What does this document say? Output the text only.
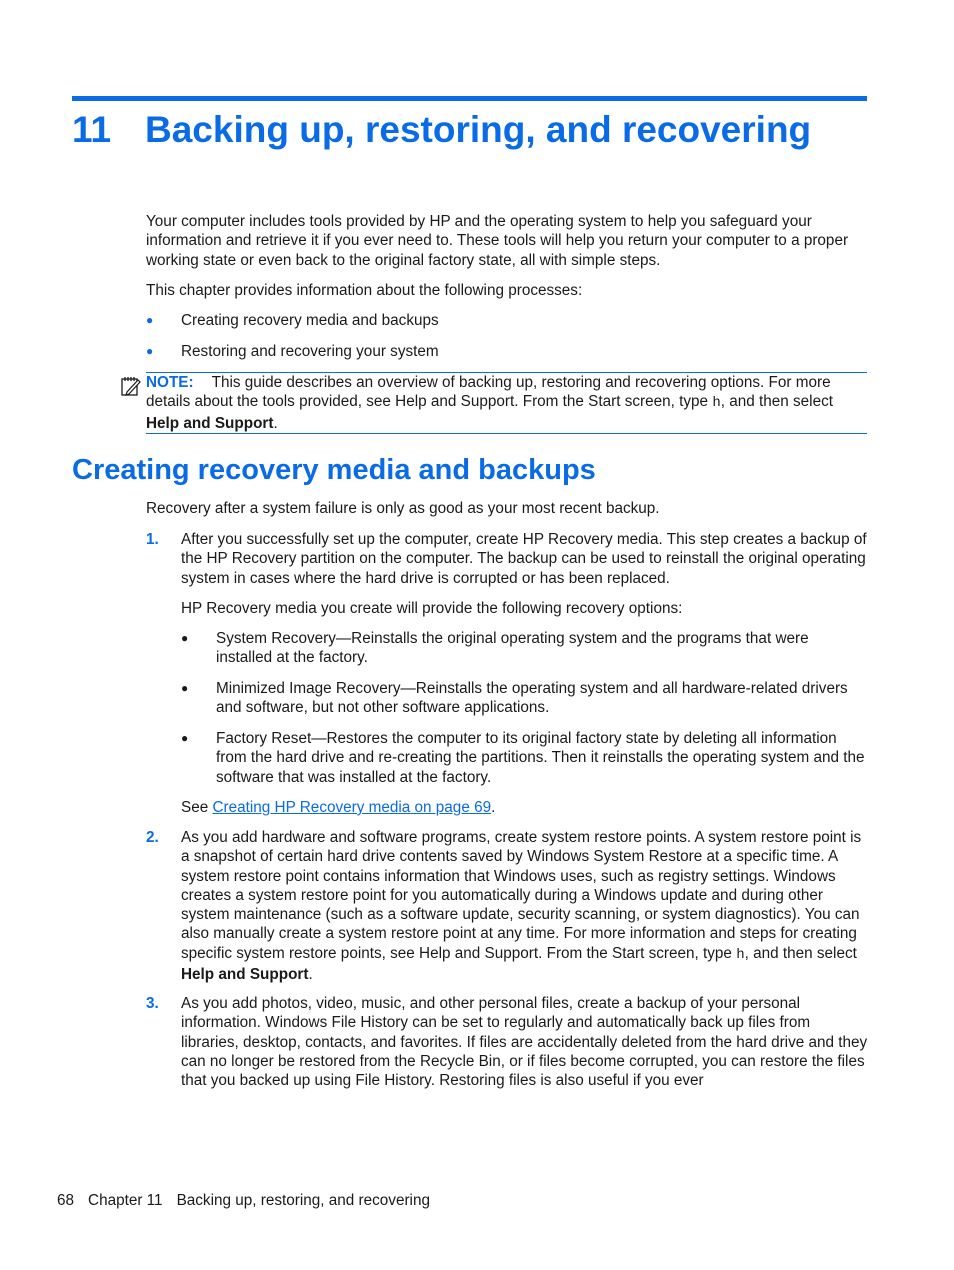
11 Backing up, restoring, and recovering

Your computer includes tools provided by HP and the operating system to help you safeguard your information and retrieve it if you ever need to. These tools will help you return your computer to a proper working state or even back to the original factory state, all with simple steps.

This chapter provides information about the following processes:

● Creating recovery media and backups
● Restoring and recovering your system

NOTE: This guide describes an overview of backing up, restoring and recovering options. For more details about the tools provided, see Help and Support. From the Start screen, type h, and then select Help and Support.

Creating recovery media and backups

Recovery after a system failure is only as good as your most recent backup.

1. After you successfully set up the computer, create HP Recovery media. This step creates a backup of the HP Recovery partition on the computer. The backup can be used to reinstall the original operating system in cases where the hard drive is corrupted or has been replaced.

HP Recovery media you create will provide the following recovery options:

● System Recovery—Reinstalls the original operating system and the programs that were installed at the factory.

● Minimized Image Recovery—Reinstalls the operating system and all hardware-related drivers and software, but not other software applications.

● Factory Reset—Restores the computer to its original factory state by deleting all information from the hard drive and re-creating the partitions. Then it reinstalls the operating system and the software that was installed at the factory.

See Creating HP Recovery media on page 69.

2. As you add hardware and software programs, create system restore points. A system restore point is a snapshot of certain hard drive contents saved by Windows System Restore at a specific time. A system restore point contains information that Windows uses, such as registry settings. Windows creates a system restore point for you automatically during a Windows update and during other system maintenance (such as a software update, security scanning, or system diagnostics). You can also manually create a system restore point at any time. For more information and steps for creating specific system restore points, see Help and Support. From the Start screen, type h, and then select Help and Support.

3. As you add photos, video, music, and other personal files, create a backup of your personal information. Windows File History can be set to regularly and automatically back up files from libraries, desktop, contacts, and favorites. If files are accidentally deleted from the hard drive and they can no longer be restored from the Recycle Bin, or if files become corrupted, you can restore the files that you backed up using File History. Restoring files is also useful if you ever

68 Chapter 11 Backing up, restoring, and recovering
